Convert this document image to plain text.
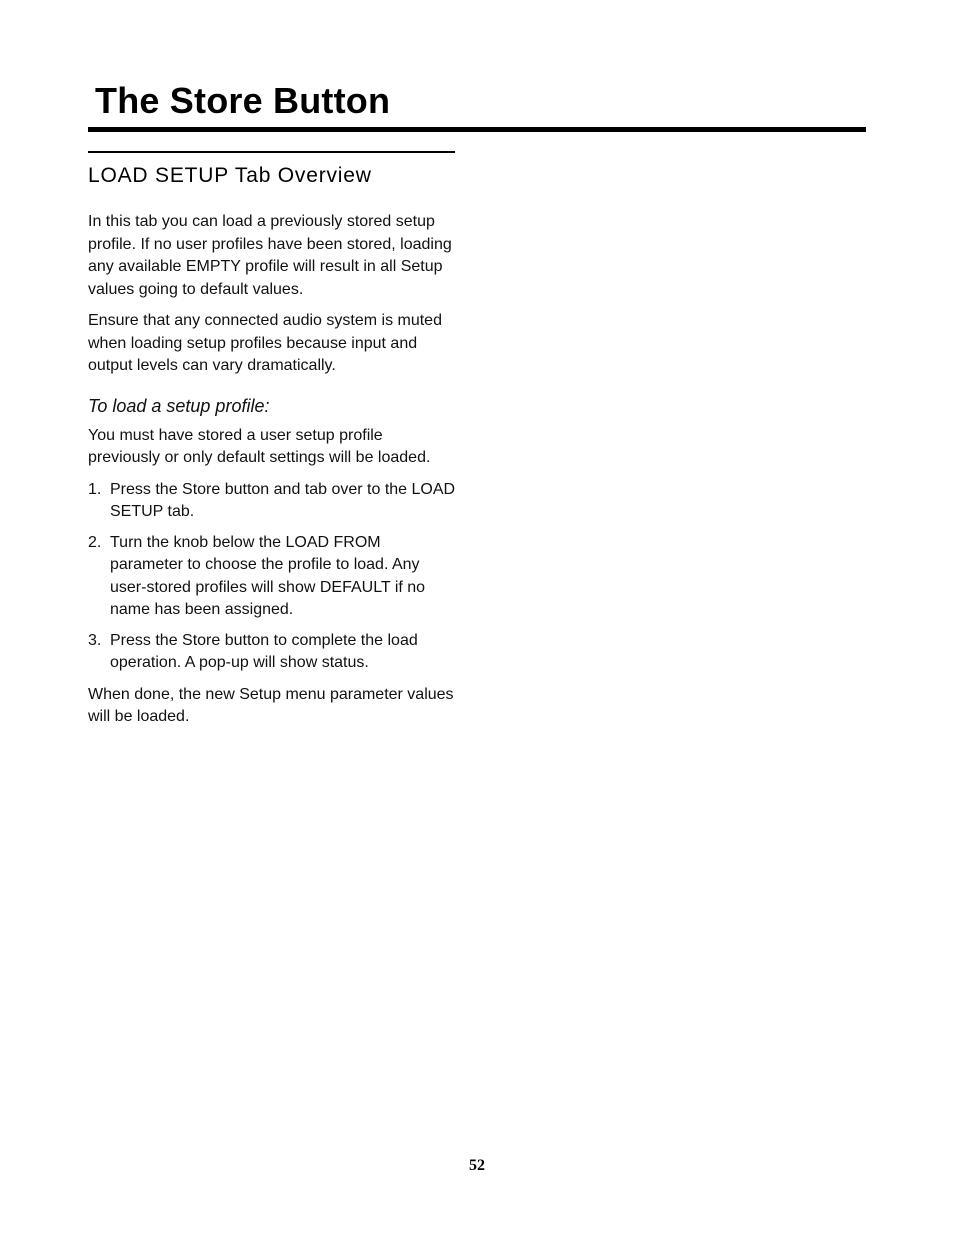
The Store Button
LOAD SETUP Tab Overview

In this tab you can load a previously stored setup profile. If no user profiles have been stored, loading any available EMPTY profile will result in all Setup values going to default values.

Ensure that any connected audio system is muted when loading setup profiles because input and output levels can vary dramatically.

To load a setup profile:

You must have stored a user setup profile previously or only default settings will be loaded.

1. Press the Store button and tab over to the LOAD SETUP tab.
2. Turn the knob below the LOAD FROM parameter to choose the profile to load. Any user-stored profiles will show DEFAULT if no name has been assigned.
3. Press the Store button to complete the load operation. A pop-up will show status.

When done, the new Setup menu parameter values will be loaded.

52
